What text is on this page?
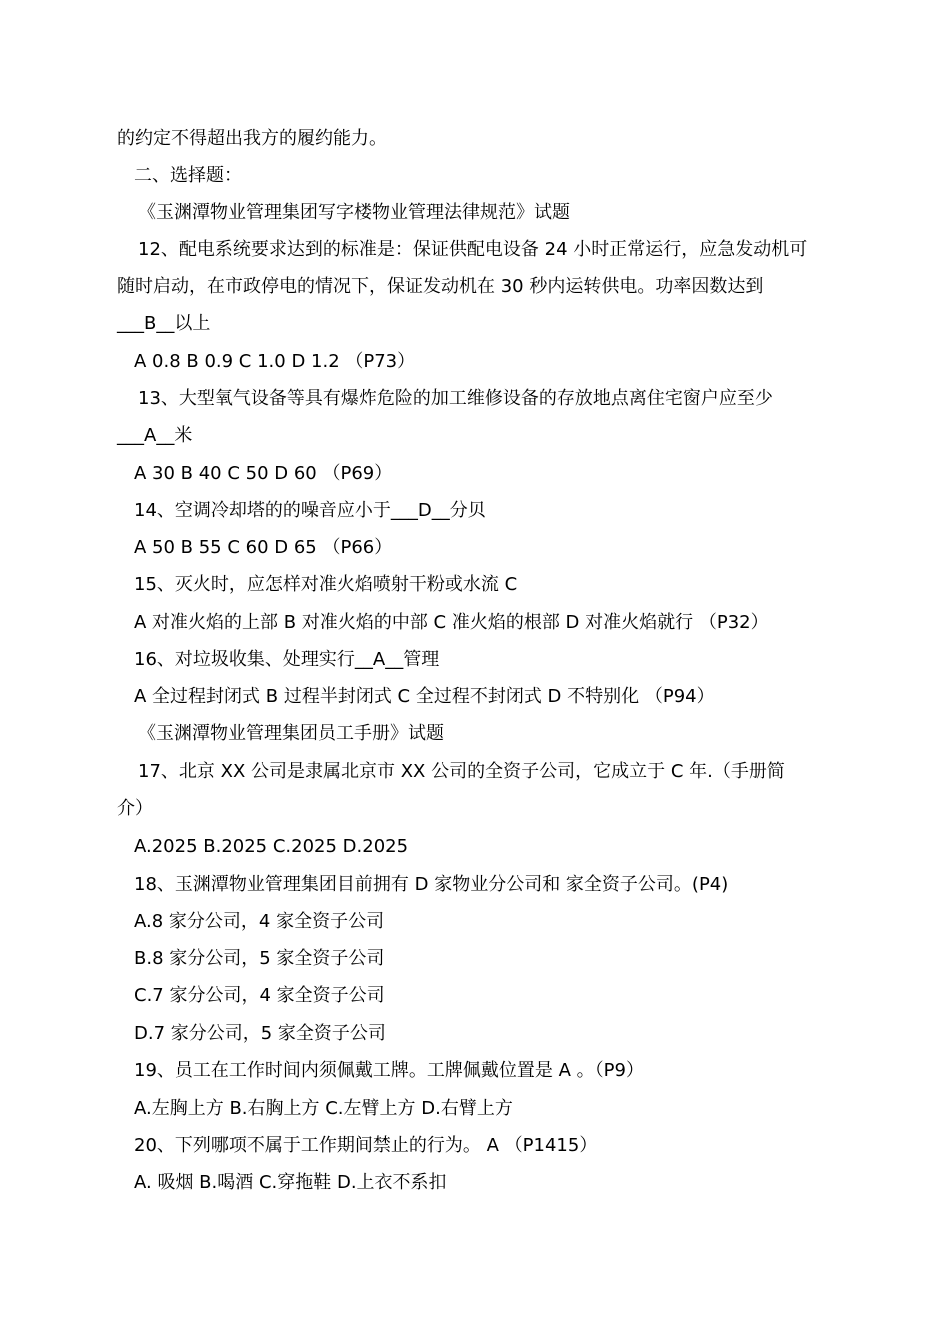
的约定不得超出我方的履约能力。
二、选择题：
《玉渊潭物业管理集团写字楼物业管理法律规范》试题
12、配电系统要求达到的标准是：保证供配电设备 24 小时正常运行，应急发动机可
随时启动，在市政停电的情况下，保证发动机在 30 秒内运转供电。功率因数达到
___B__以上
A 0.8 B 0.9 C 1.0 D 1.2 （P73）
13、大型氧气设备等具有爆炸危险的加工维修设备的存放地点离住宅窗户应至少
___A__米
A 30 B 40 C 50 D 60 （P69）
14、空调冷却塔的的噪音应小于___D__分贝
A 50 B 55 C 60 D 65 （P66）
15、灭火时，应怎样对准火焰喷射干粉或水流 C
A 对准火焰的上部 B 对准火焰的中部 C 准火焰的根部 D 对准火焰就行 （P32）
16、对垃圾收集、处理实行__A__管理
A 全过程封闭式 B 过程半封闭式 C 全过程不封闭式 D 不特别化 （P94）
《玉渊潭物业管理集团员工手册》试题
17、北京 XX 公司是隶属北京市 XX 公司的全资子公司，它成立于 C 年.（手册简
介）
A.2025 B.2025 C.2025 D.2025
18、玉渊潭物业管理集团目前拥有 D 家物业分公司和 家全资子公司。(P4)
A.8 家分公司，4 家全资子公司
B.8 家分公司，5 家全资子公司
C.7 家分公司，4 家全资子公司
D.7 家分公司，5 家全资子公司
19、员工在工作时间内须佩戴工牌。工牌佩戴位置是 A 。（P9）
A.左胸上方 B.右胸上方 C.左臂上方 D.右臂上方
20、下列哪项不属于工作期间禁止的行为。 A （P1415）
A. 吸烟 B.喝酒 C.穿拖鞋 D.上衣不系扣
